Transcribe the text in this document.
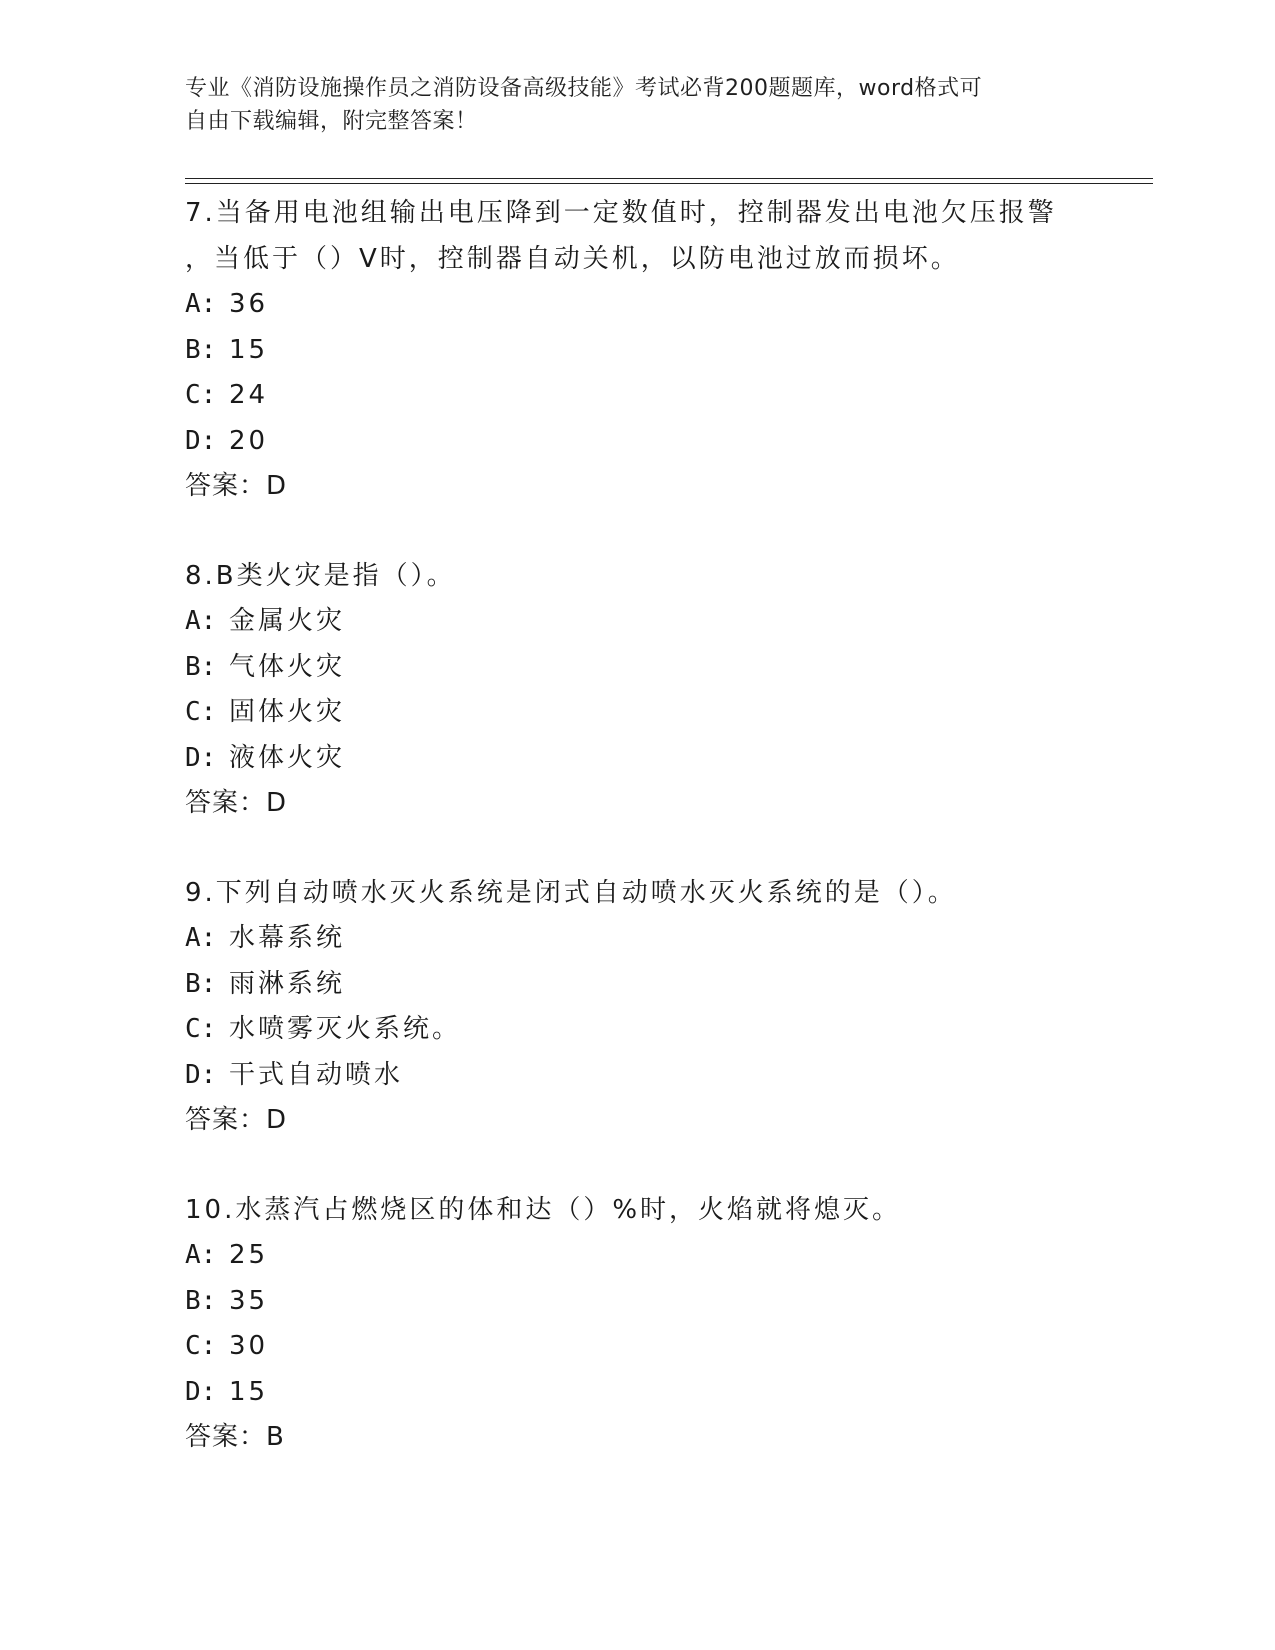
专业《消防设施操作员之消防设备高级技能》考试必背200题题库，word格式可
自由下载编辑，附完整答案！

7.当备用电池组输出电压降到一定数值时，控制器发出电池欠压报警

，当低于（）V时，控制器自动关机，以防电池过放而损坏。

A: 36
B: 15
C: 24
D: 20
答案：D

8.B类火灾是指（）。

A: 金属火灾
B: 气体火灾
C: 固体火灾
D: 液体火灾
答案：D

9.下列自动喷水灭火系统是闭式自动喷水灭火系统的是（）。

A: 水幕系统
B: 雨淋系统
C: 水喷雾灭火系统。
D: 干式自动喷水
答案：D

10.水蒸汽占燃烧区的体和达（）%时，火焰就将熄灭。

A: 25
B: 35
C: 30
D: 15
答案：B
